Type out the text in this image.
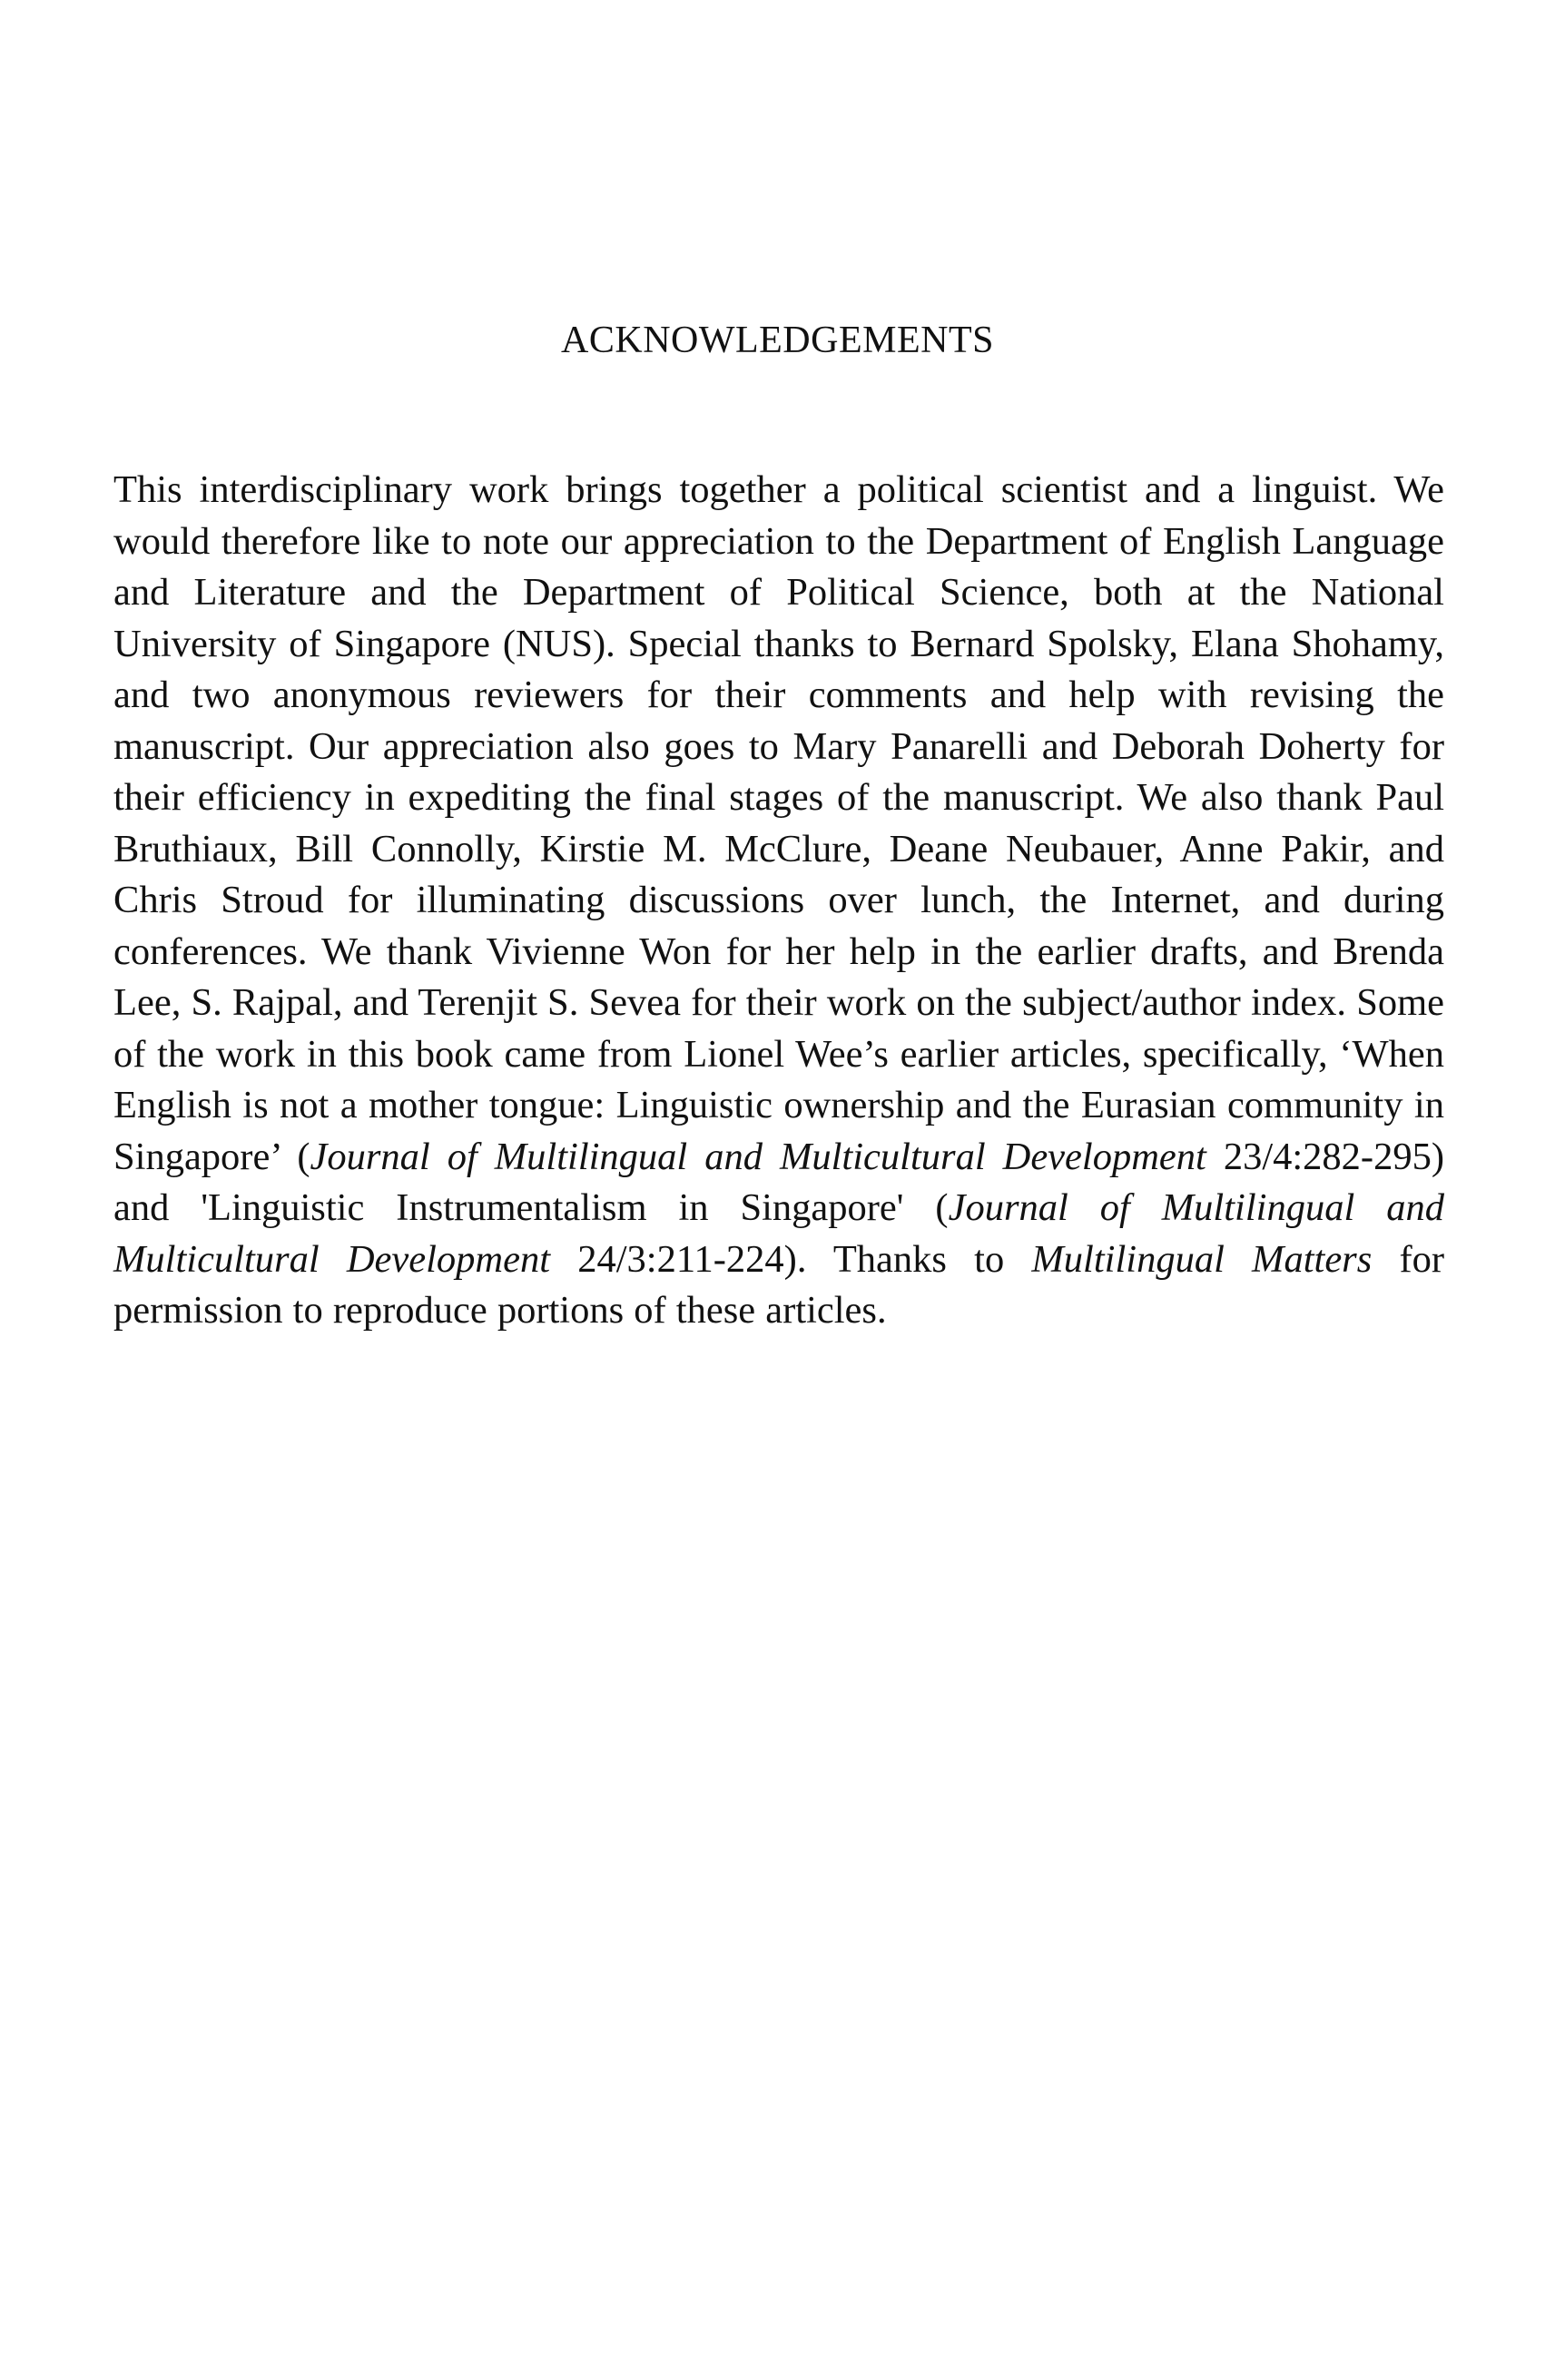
ACKNOWLEDGEMENTS

This interdisciplinary work brings together a political scientist and a linguist. We would therefore like to note our appreciation to the Department of English Language and Literature and the Department of Political Science, both at the National University of Singapore (NUS). Special thanks to Bernard Spolsky, Elana Shohamy, and two anonymous reviewers for their comments and help with revising the manuscript. Our appreciation also goes to Mary Panarelli and Deborah Doherty for their efficiency in expediting the final stages of the manuscript. We also thank Paul Bruthiaux, Bill Connolly, Kirstie M. McClure, Deane Neubauer, Anne Pakir, and Chris Stroud for illuminating discussions over lunch, the Internet, and during conferences. We thank Vivienne Won for her help in the earlier drafts, and Brenda Lee, S. Rajpal, and Terenjit S. Sevea for their work on the subject/author index. Some of the work in this book came from Lionel Wee’s earlier articles, specifically, ‘When English is not a mother tongue: Linguistic ownership and the Eurasian community in Singapore’ (Journal of Multilingual and Multicultural Development 23/4:282-295) and 'Linguistic Instrumentalism in Singapore' (Journal of Multilingual and Multicultural Development 24/3:211-224). Thanks to Multilingual Matters for permission to reproduce portions of these articles.
